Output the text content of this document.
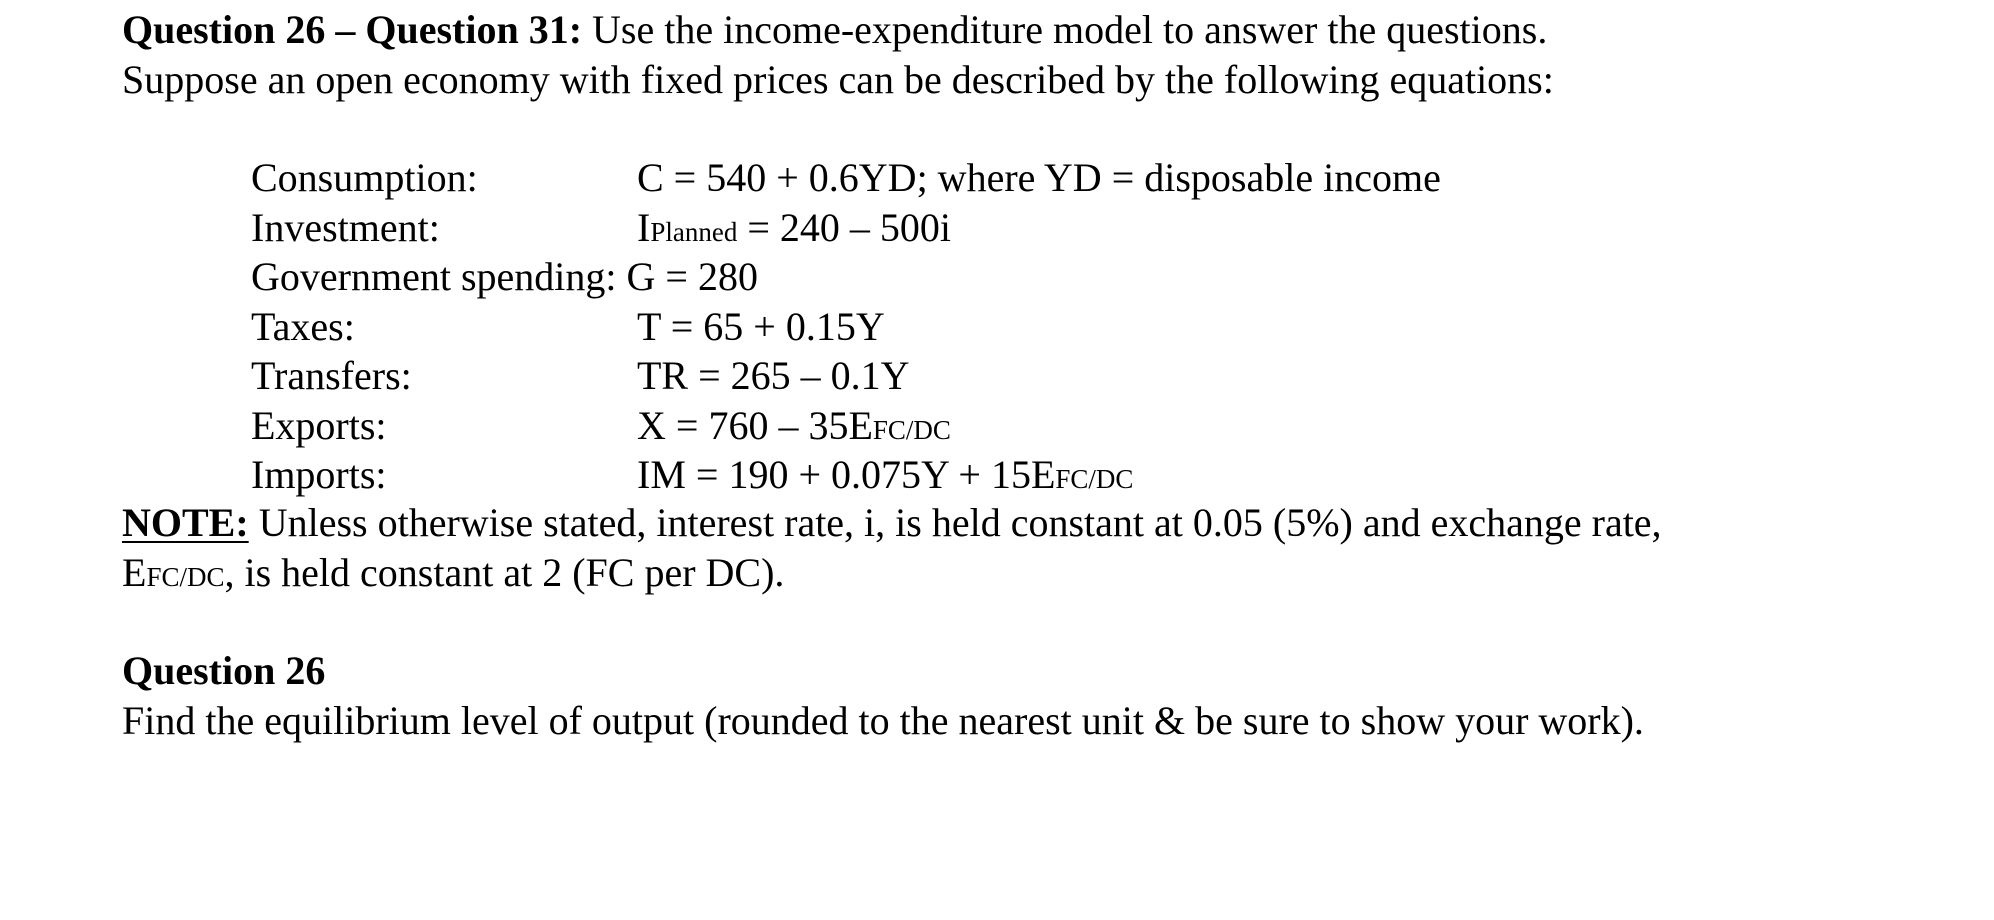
Question 26 – Question 31: Use the income-expenditure model to answer the questions.
Suppose an open economy with fixed prices can be described by the following equations:
Consumption:	C = 540 + 0.6YD; where YD = disposable income
Investment:	IPlanned = 240 – 500i
Government spending: G = 280
Taxes:	T = 65 + 0.15Y
Transfers:	TR = 265 – 0.1Y
Exports:	X = 760 – 35EFC/DC
Imports:	IM = 190 + 0.075Y + 15EFC/DC
NOTE: Unless otherwise stated, interest rate, i, is held constant at 0.05 (5%) and exchange rate,
EFC/DC, is held constant at 2 (FC per DC).
Question 26
Find the equilibrium level of output (rounded to the nearest unit & be sure to show your work).
